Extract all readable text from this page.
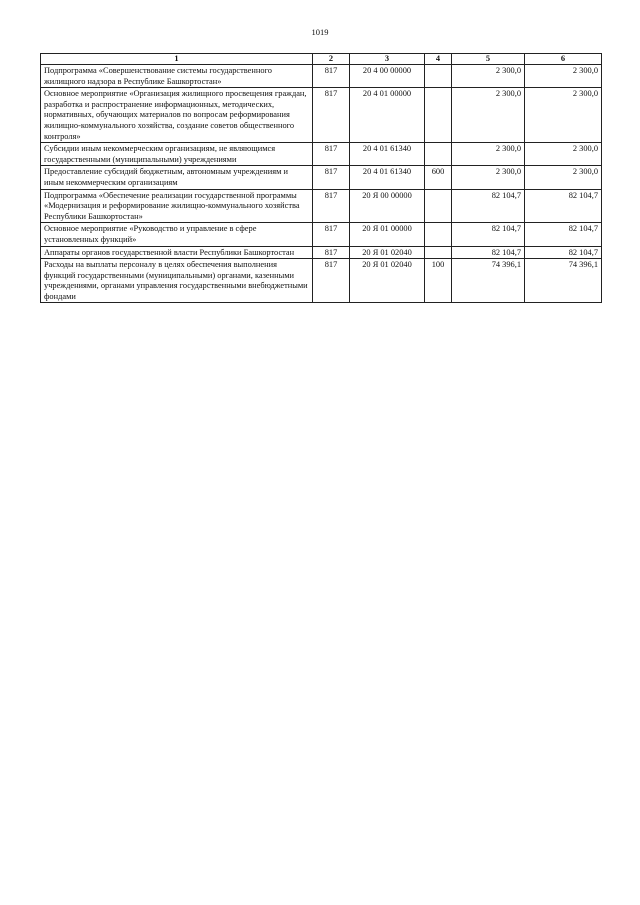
1019
1	2	3	4	5	6
Подпрограмма «Совершенствование системы государственного жилищного надзора в Республике Башкортостан»	817	20 4 00 00000		2 300,0	2 300,0
Основное мероприятие «Организация жилищного просвещения граждан, разработка и распространение информационных, методических, нормативных, обучающих материалов по вопросам реформирования жилищно-коммунального хозяйства, создание советов общественного контроля»	817	20 4 01 00000		2 300,0	2 300,0
Субсидии иным некоммерческим организациям, не являющимся государственными (муниципальными) учреждениями	817	20 4 01 61340		2 300,0	2 300,0
Предоставление субсидий бюджетным, автономным учреждениям и иным некоммерческим организациям	817	20 4 01 61340	600	2 300,0	2 300,0
Подпрограмма «Обеспечение реализации государственной программы «Модернизация и реформирование жилищно-коммунального хозяйства Республики Башкортостан»	817	20 Я 00 00000		82 104,7	82 104,7
Основное мероприятие «Руководство и управление в сфере установленных функций»	817	20 Я 01 00000		82 104,7	82 104,7
Аппараты органов государственной власти Республики Башкортостан	817	20 Я 01 02040		82 104,7	82 104,7
Расходы на выплаты персоналу в целях обеспечения выполнения функций государственными (муниципальными) органами, казенными учреждениями, органами управления государственными внебюджетными фондами	817	20 Я 01 02040	100	74 396,1	74 396,1
